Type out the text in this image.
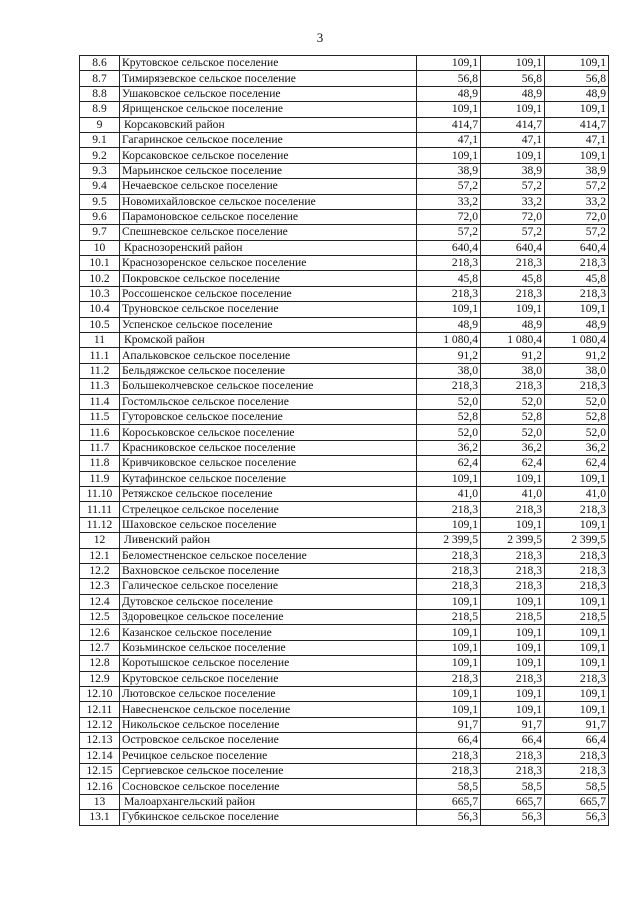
3
8.6	Крутовское сельское поселение	109,1	109,1	109,1
8.7	Тимирязевское сельское поселение	56,8	56,8	56,8
8.8	Ушаковское сельское поселение	48,9	48,9	48,9
8.9	Ярищенское сельское поселение	109,1	109,1	109,1
9	Корсаковский район	414,7	414,7	414,7
9.1	Гагаринское сельское поселение	47,1	47,1	47,1
9.2	Корсаковское сельское поселение	109,1	109,1	109,1
9.3	Марьинское сельское поселение	38,9	38,9	38,9
9.4	Нечаевское сельское поселение	57,2	57,2	57,2
9.5	Новомихайловское сельское поселение	33,2	33,2	33,2
9.6	Парамоновское сельское поселение	72,0	72,0	72,0
9.7	Спешневское сельское поселение	57,2	57,2	57,2
10	Краснозоренский район	640,4	640,4	640,4
10.1	Краснозоренское сельское поселение	218,3	218,3	218,3
10.2	Покровское сельское поселение	45,8	45,8	45,8
10.3	Россошенское сельское поселение	218,3	218,3	218,3
10.4	Труновское сельское поселение	109,1	109,1	109,1
10.5	Успенское сельское поселение	48,9	48,9	48,9
11	Кромской район	1 080,4	1 080,4	1 080,4
11.1	Апальковское сельское поселение	91,2	91,2	91,2
11.2	Бельдяжское сельское поселение	38,0	38,0	38,0
11.3	Большеколчевское сельское поселение	218,3	218,3	218,3
11.4	Гостомльское сельское поселение	52,0	52,0	52,0
11.5	Гуторовское сельское поселение	52,8	52,8	52,8
11.6	Короськовское сельское поселение	52,0	52,0	52,0
11.7	Красниковское сельское поселение	36,2	36,2	36,2
11.8	Кривчиковское сельское поселение	62,4	62,4	62,4
11.9	Кутафинское сельское поселение	109,1	109,1	109,1
11.10	Ретяжское сельское поселение	41,0	41,0	41,0
11.11	Стрелецкое сельское поселение	218,3	218,3	218,3
11.12	Шаховское сельское поселение	109,1	109,1	109,1
12	Ливенский район	2 399,5	2 399,5	2 399,5
12.1	Беломестненское сельское поселение	218,3	218,3	218,3
12.2	Вахновское сельское поселение	218,3	218,3	218,3
12.3	Галическое сельское поселение	218,3	218,3	218,3
12.4	Дутовское сельское поселение	109,1	109,1	109,1
12.5	Здоровецкое сельское поселение	218,5	218,5	218,5
12.6	Казанское сельское поселение	109,1	109,1	109,1
12.7	Козьминское сельское поселение	109,1	109,1	109,1
12.8	Коротышское сельское поселение	109,1	109,1	109,1
12.9	Крутовское сельское поселение	218,3	218,3	218,3
12.10	Лютовское сельское поселение	109,1	109,1	109,1
12.11	Навесненское сельское поселение	109,1	109,1	109,1
12.12	Никольское сельское поселение	91,7	91,7	91,7
12.13	Островское сельское поселение	66,4	66,4	66,4
12.14	Речицкое сельское поселение	218,3	218,3	218,3
12.15	Сергиевское сельское поселение	218,3	218,3	218,3
12.16	Сосновское сельское поселение	58,5	58,5	58,5
13	Малоархангельский район	665,7	665,7	665,7
13.1	Губкинское сельское поселение	56,3	56,3	56,3
